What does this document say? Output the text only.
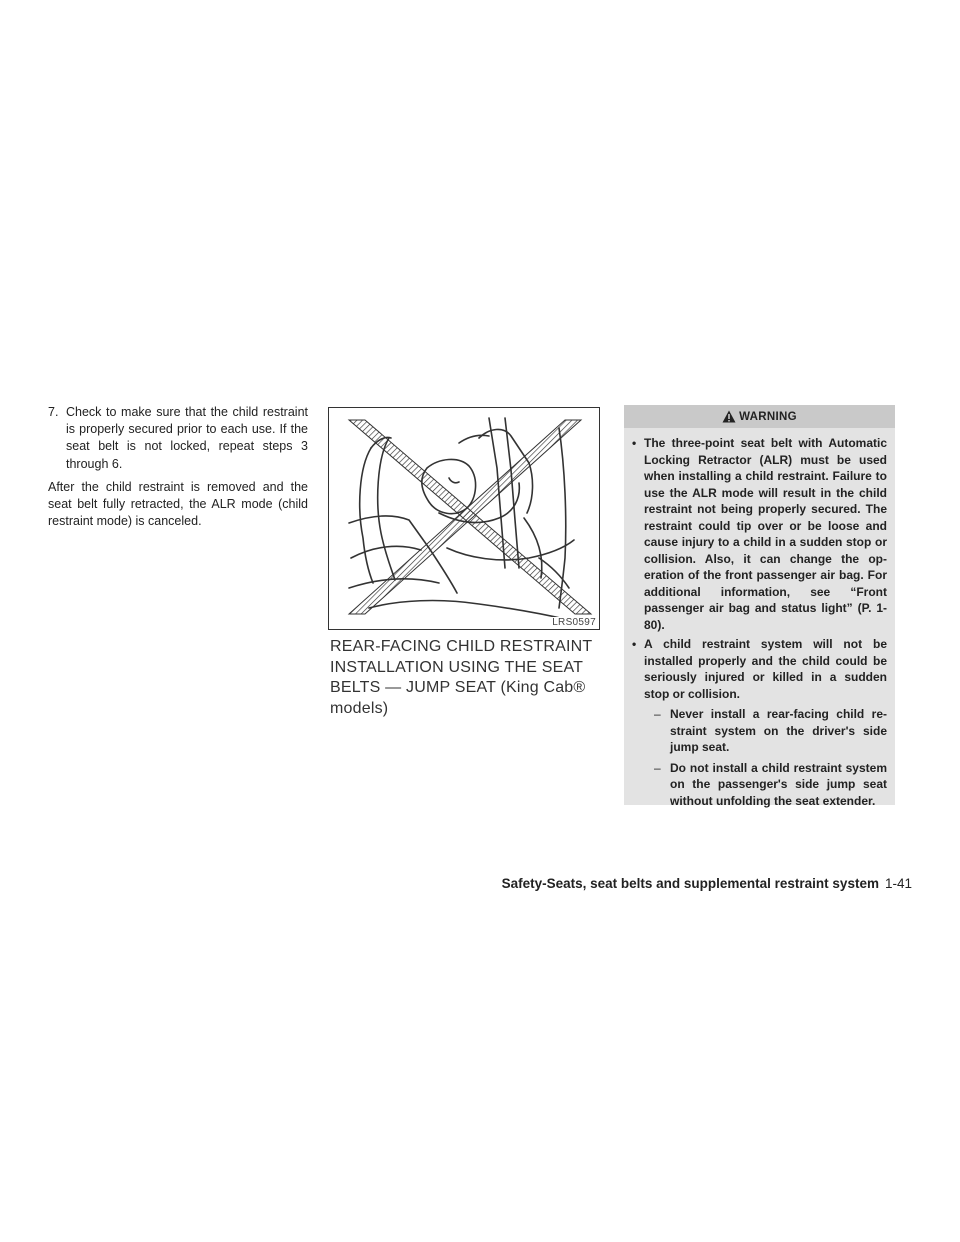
7. Check to make sure that the child restraint is properly secured prior to each use. If the seat belt is not locked, repeat steps 3 through 6.
After the child restraint is removed and the seat belt fully retracted, the ALR mode (child restraint mode) is canceled.
LRS0597
REAR-FACING CHILD RESTRAINT INSTALLATION USING THE SEAT BELTS — JUMP SEAT (King Cab® models)
WARNING
• The three-point seat belt with Automatic Locking Retractor (ALR) must be used when installing a child restraint. Failure to use the ALR mode will result in the child restraint not being properly secured. The restraint could tip over or be loose and cause injury to a child in a sudden stop or collision. Also, it can change the operation of the front passenger air bag. For additional information, see “Front passenger air bag and status light” (P. 1-80).
• A child restraint system will not be installed properly and the child could be seriously injured or killed in a sudden stop or collision.
– Never install a rear-facing child restraint system on the driver's side jump seat.
– Do not install a child restraint system on the passenger's side jump seat without unfolding the seat extender.
Safety-Seats, seat belts and supplemental restraint system 1-41
